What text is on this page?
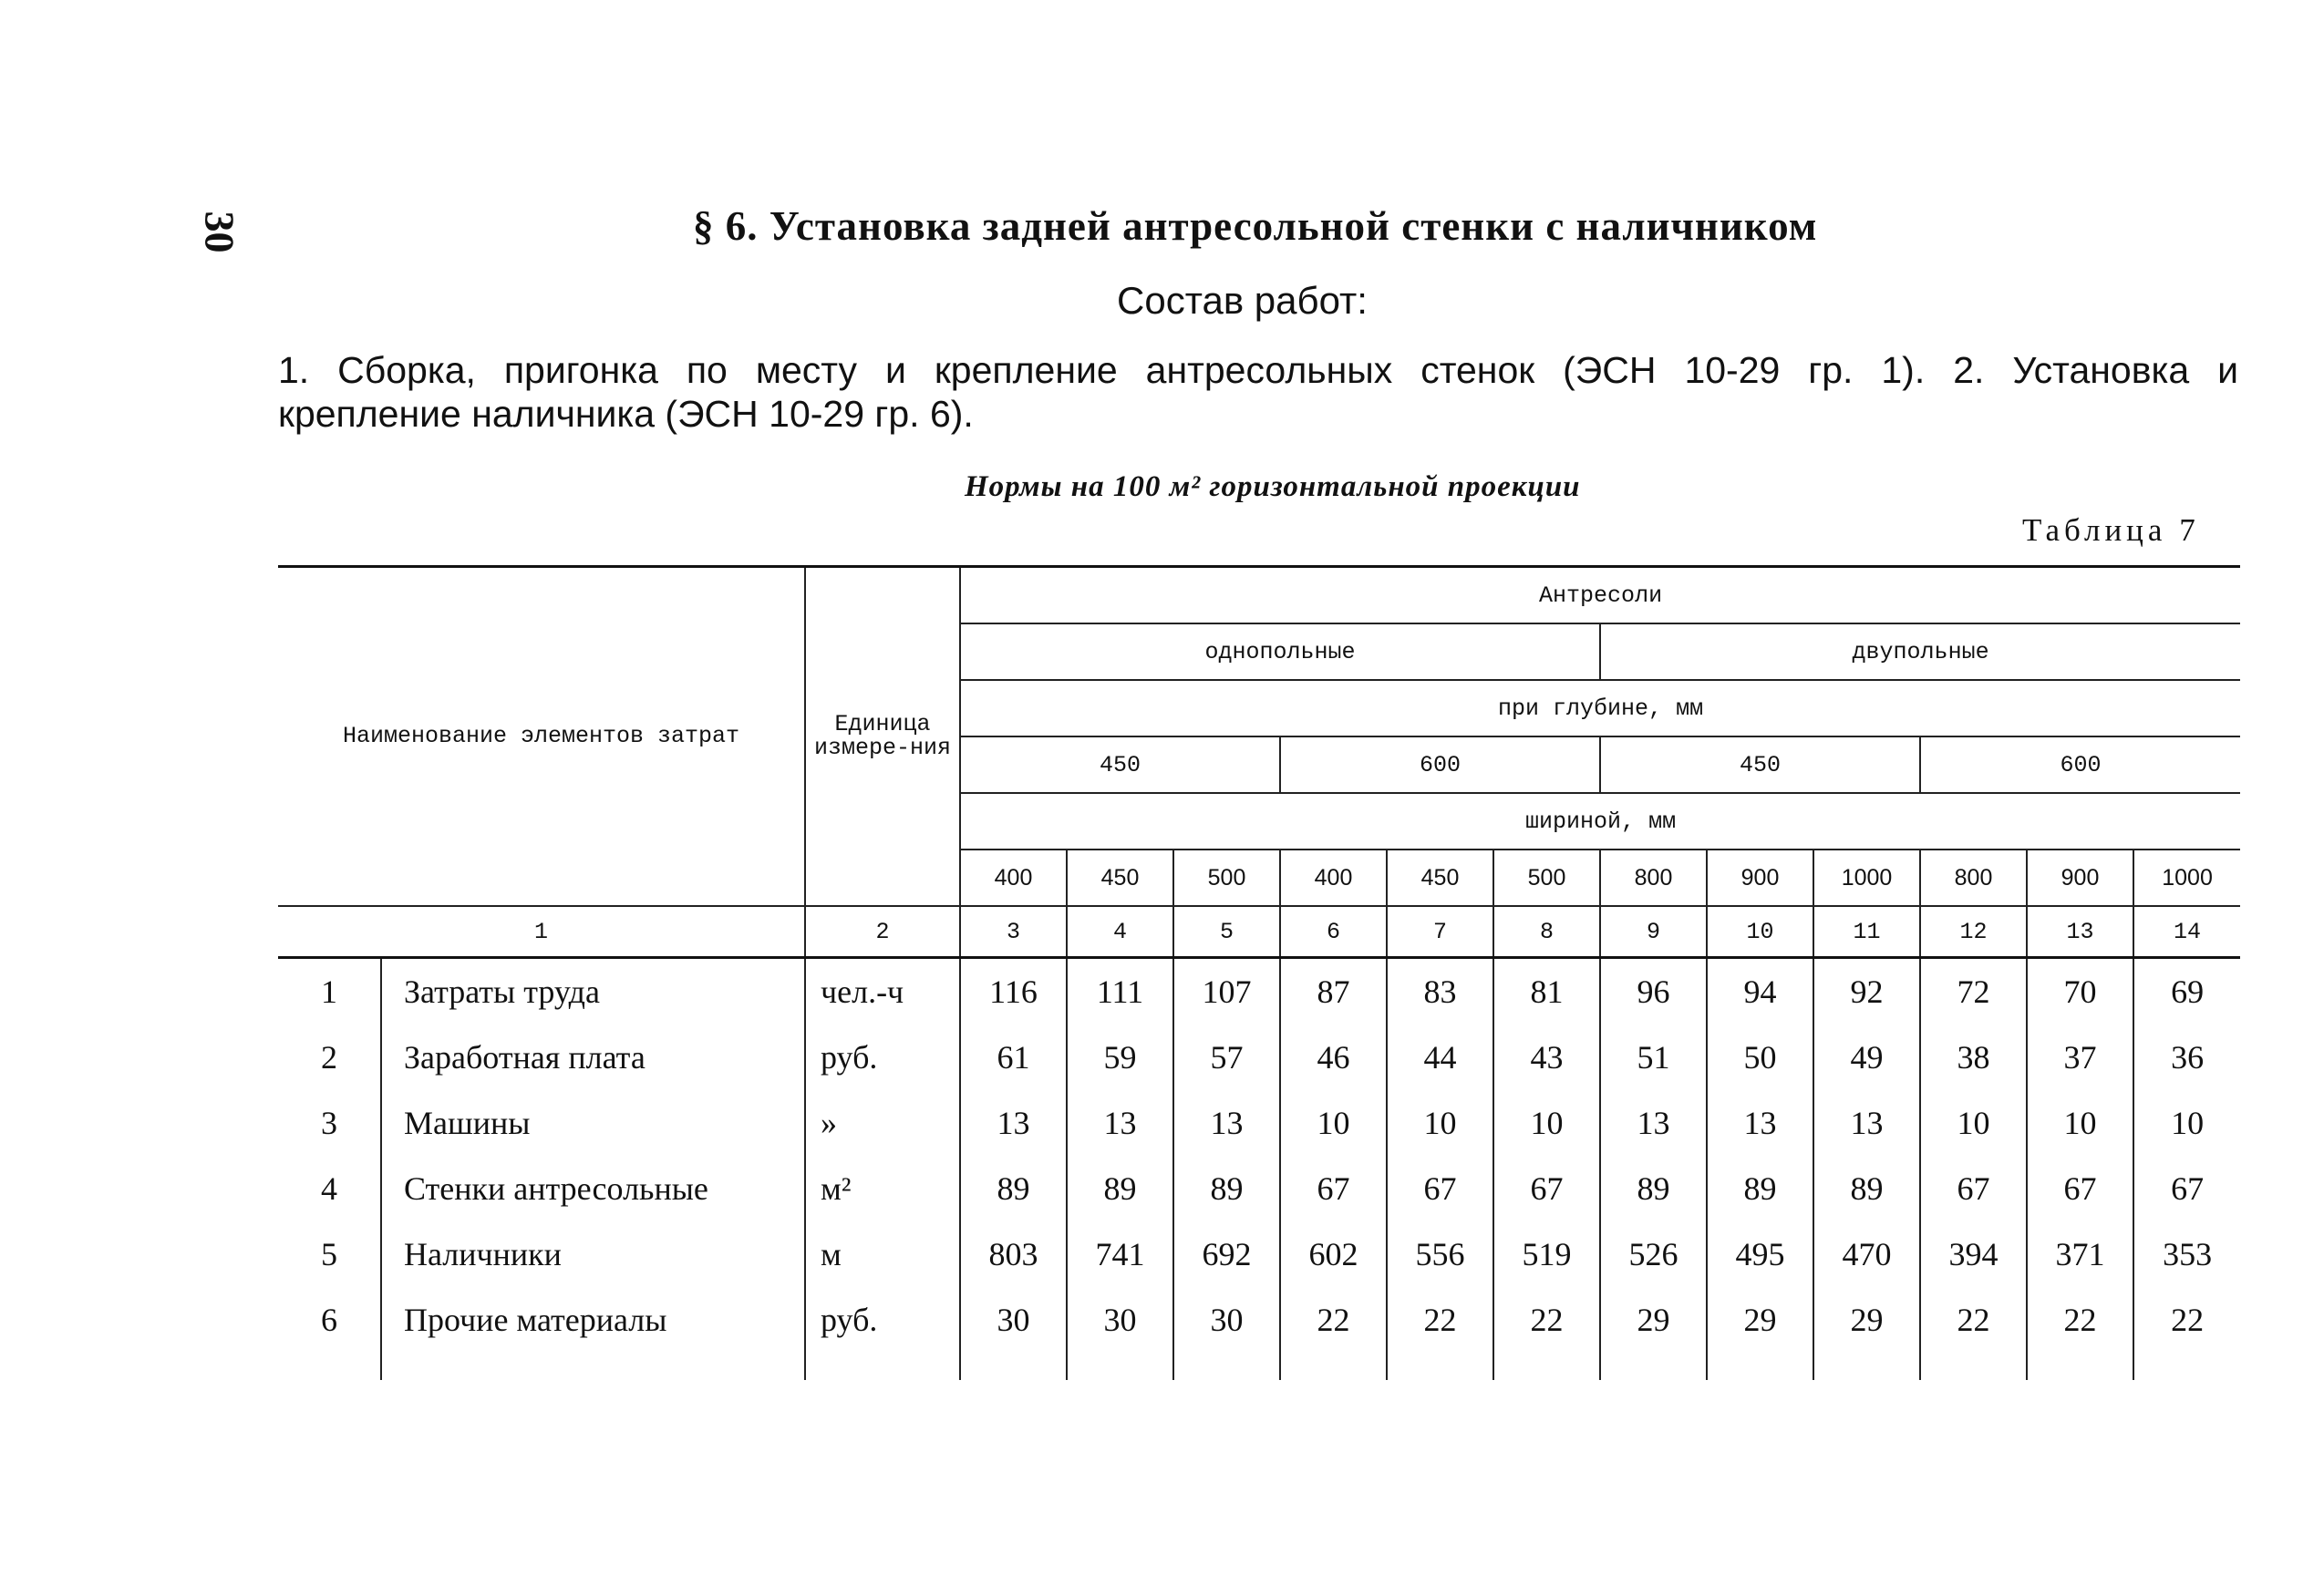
30	§ 6. Установка задней антресольной стенки с наличником
Состав работ:
1. Сборка, пригонка по месту и крепление антресольных стенок (ЭСН 10-29 гр. 1). 2. Установка и
крепление наличника (ЭСН 10-29 гр. 6).
Нормы на 100 м² горизонтальной проекции
Таблица 7
Наименование элементов затрат		Единица измере-ния	Антресоли											
			однопольные						двупольные					
			при глубине, мм											
			450			600			450			600		
			шириной, мм											
			400	450	500	400	450	500	800	900	1000	800	900	1000
1		2	3	4	5	6	7	8	9	10	11	12	13	14
1	Затраты труда	чел.-ч	116	111	107	87	83	81	96	94	92	72	70	69
2	Заработная плата	руб.	61	59	57	46	44	43	51	50	49	38	37	36
3	Машины	»	13	13	13	10	10	10	13	13	13	10	10	10
4	Стенки антресольные	м²	89	89	89	67	67	67	89	89	89	67	67	67
5	Наличники	м	803	741	692	602	556	519	526	495	470	394	371	353
6	Прочие материалы	руб.	30	30	30	22	22	22	29	29	29	22	22	22
